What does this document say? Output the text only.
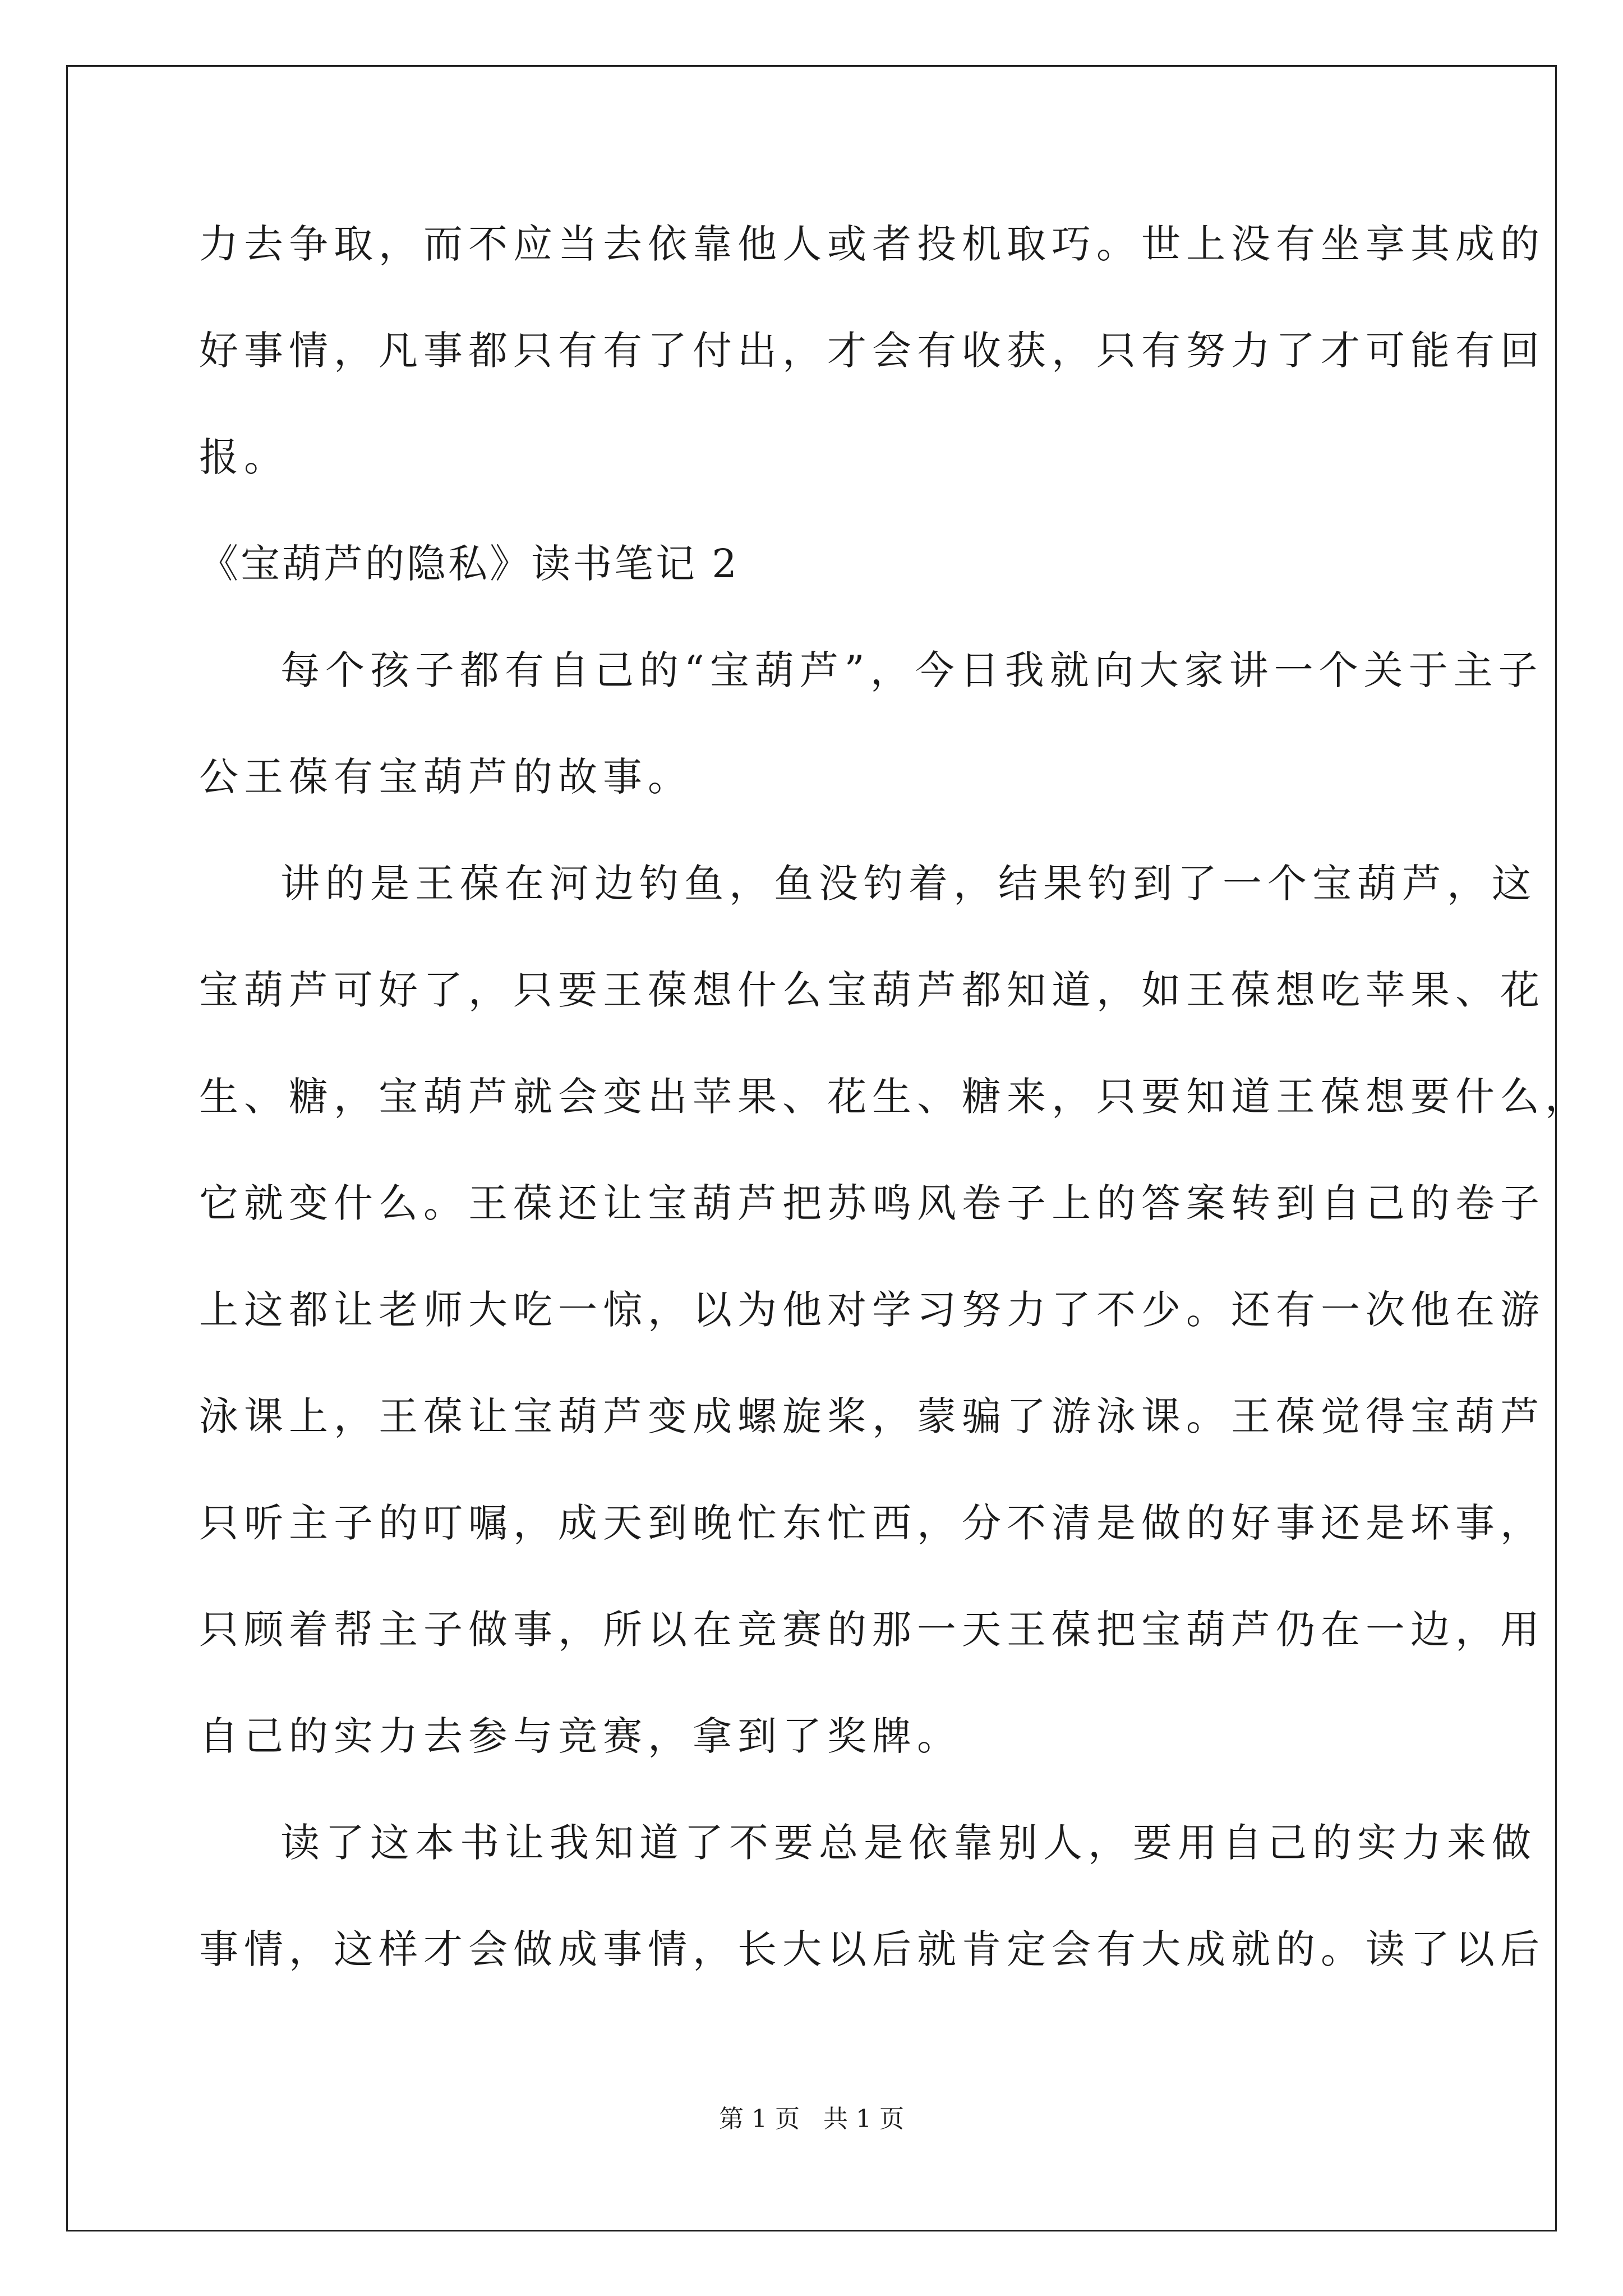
力去争取，而不应当去依靠他人或者投机取巧。世上没有坐享其成的
好事情，凡事都只有有了付出，才会有收获，只有努力了才可能有回
报。
《宝葫芦的隐私》读书笔记 2
每个孩子都有自己的“宝葫芦”，今日我就向大家讲一个关于主子
公王葆有宝葫芦的故事。
讲的是王葆在河边钓鱼，鱼没钓着，结果钓到了一个宝葫芦，这
宝葫芦可好了，只要王葆想什么宝葫芦都知道，如王葆想吃苹果、花
生、糖，宝葫芦就会变出苹果、花生、糖来，只要知道王葆想要什么，
它就变什么。王葆还让宝葫芦把苏鸣风卷子上的答案转到自己的卷子
上这都让老师大吃一惊，以为他对学习努力了不少。还有一次他在游
泳课上，王葆让宝葫芦变成螺旋桨，蒙骗了游泳课。王葆觉得宝葫芦
只听主子的叮嘱，成天到晚忙东忙西，分不清是做的好事还是坏事，
只顾着帮主子做事，所以在竞赛的那一天王葆把宝葫芦仍在一边，用
自己的实力去参与竞赛，拿到了奖牌。
读了这本书让我知道了不要总是依靠别人，要用自己的实力来做
事情，这样才会做成事情，长大以后就肯定会有大成就的。读了以后
第 1 页   共 1 页
